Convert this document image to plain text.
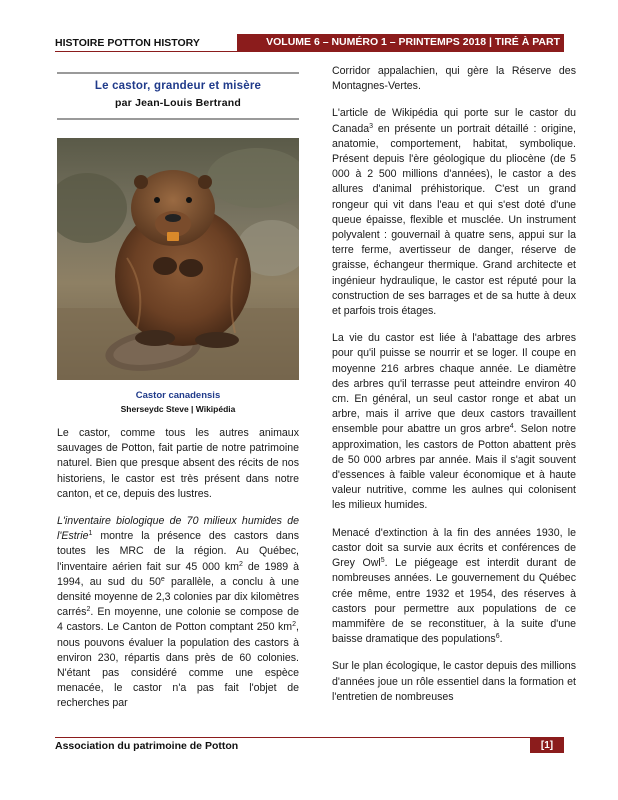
HISTOIRE POTTON HISTORY	VOLUME 6 – NUMÉRO 1 – PRINTEMPS 2018 | TIRÉ À PART
Le castor, grandeur et misère
par Jean-Louis Bertrand
Castor canadensis
Sherseydc Steve | Wikipédia

Le castor, comme tous les autres animaux sauvages de Potton, fait partie de notre patrimoine naturel. Bien que presque absent des récits de nos historiens, le castor est très présent dans notre canton, et ce, depuis des lustres.

L'inventaire biologique de 70 milieux humides de l'Estrie$^1$ montre la présence des castors dans toutes les MRC de la région. Au Québec, l'inventaire aérien fait sur 45 000 $km^2$ de 1989 à 1994, au sud du 50e parallèle, a conclu à une densité moyenne de 2,3 colonies par dix kilomètres carrés$^2$. En moyenne, une colonie se compose de 4 castors. Le Canton de Potton comptant 250 $km^2$, nous pouvons évaluer la population des castors à environ 230, répartis dans près de 60 colonies. N'étant pas considéré comme une espèce menacée, le castor n'a pas fait l'objet de recherches par

Corridor appalachien, qui gère la Réserve des Montagnes-Vertes.

L'article de Wikipédia qui porte sur le castor du Canada$^3$ en présente un portrait détaillé : origine, anatomie, comportement, habitat, symbolique. Présent depuis l'ère géologique du pliocène (de 5 000 à 2 500 millions d'années), le castor a des allures d'animal préhistorique. C'est un grand rongeur qui vit dans l'eau et qui s'est doté d'une queue épaisse, flexible et musclée. Un instrument polyvalent : gouvernail à quatre sens, appui sur la terre ferme, avertisseur de danger, réserve de graisse, échangeur thermique. Grand architecte et ingénieur hydraulique, le castor est réputé pour la construction de ses barrages et de sa hutte à deux et parfois trois étages.

La vie du castor est liée à l'abattage des arbres pour qu'il puisse se nourrir et se loger. Il coupe en moyenne 216 arbres chaque année. Le diamètre des arbres qu'il terrasse peut atteindre environ 40 cm. En général, un seul castor ronge et abat un arbre, mais il arrive que deux castors travaillent ensemble pour abattre un gros arbre$^4$. Selon notre approximation, les castors de Potton abattent près de 50 000 arbres par année. Mais il s'agit souvent d'essences à faible valeur économique et à haute valeur nutritive, comme les aulnes qui colonisent les milieux humides.

Menacé d'extinction à la fin des années 1930, le castor doit sa survie aux écrits et conférences de Grey Owl$^5$. Le piégeage est interdit durant de nombreuses années. Le gouvernement du Québec crée même, entre 1932 et 1954, des réserves à castors pour permettre aux populations de ce mammifère de se reconstituer, à la suite d'une baisse dramatique des populations$^6$.

Sur le plan écologique, le castor depuis des millions d'années joue un rôle essentiel dans la formation et l'entretien de nombreuses

Association du patrimoine de Potton	[1]
